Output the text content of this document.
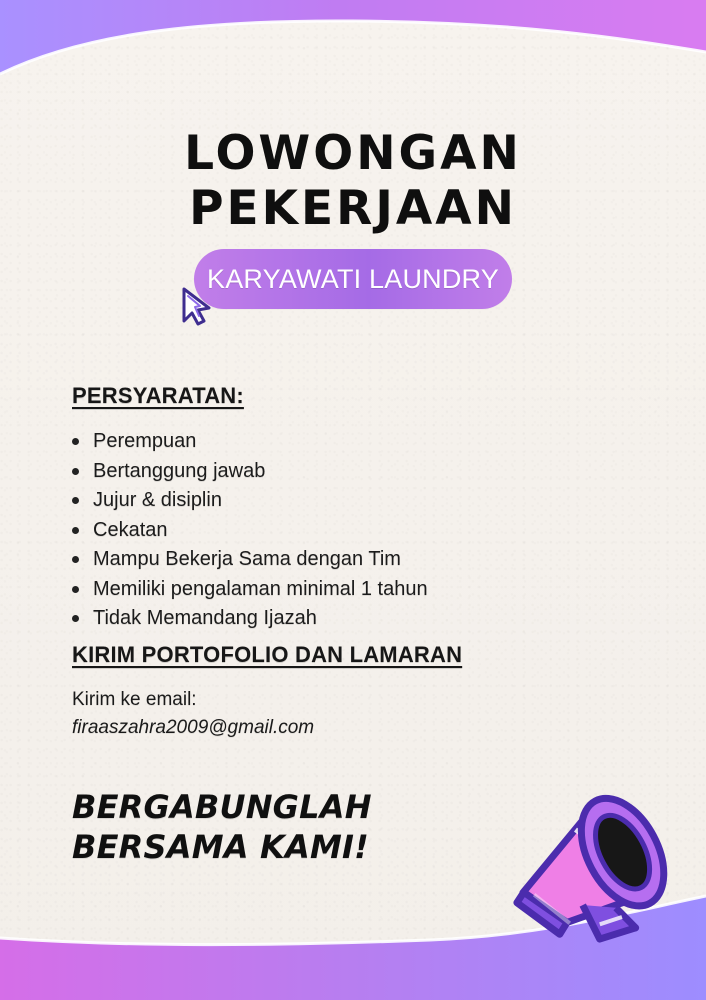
LOWONGAN
PEKERJAAN
KARYAWATI LAUNDRY
PERSYARATAN:
Perempuan
Bertanggung jawab
Jujur & disiplin
Cekatan
Mampu Bekerja Sama dengan Tim
Memiliki pengalaman minimal 1 tahun
Tidak Memandang Ijazah
KIRIM PORTOFOLIO DAN LAMARAN
Kirim ke email:
firaaszahra2009@gmail.com
BERGABUNGLAH
BERSAMA KAMI!
